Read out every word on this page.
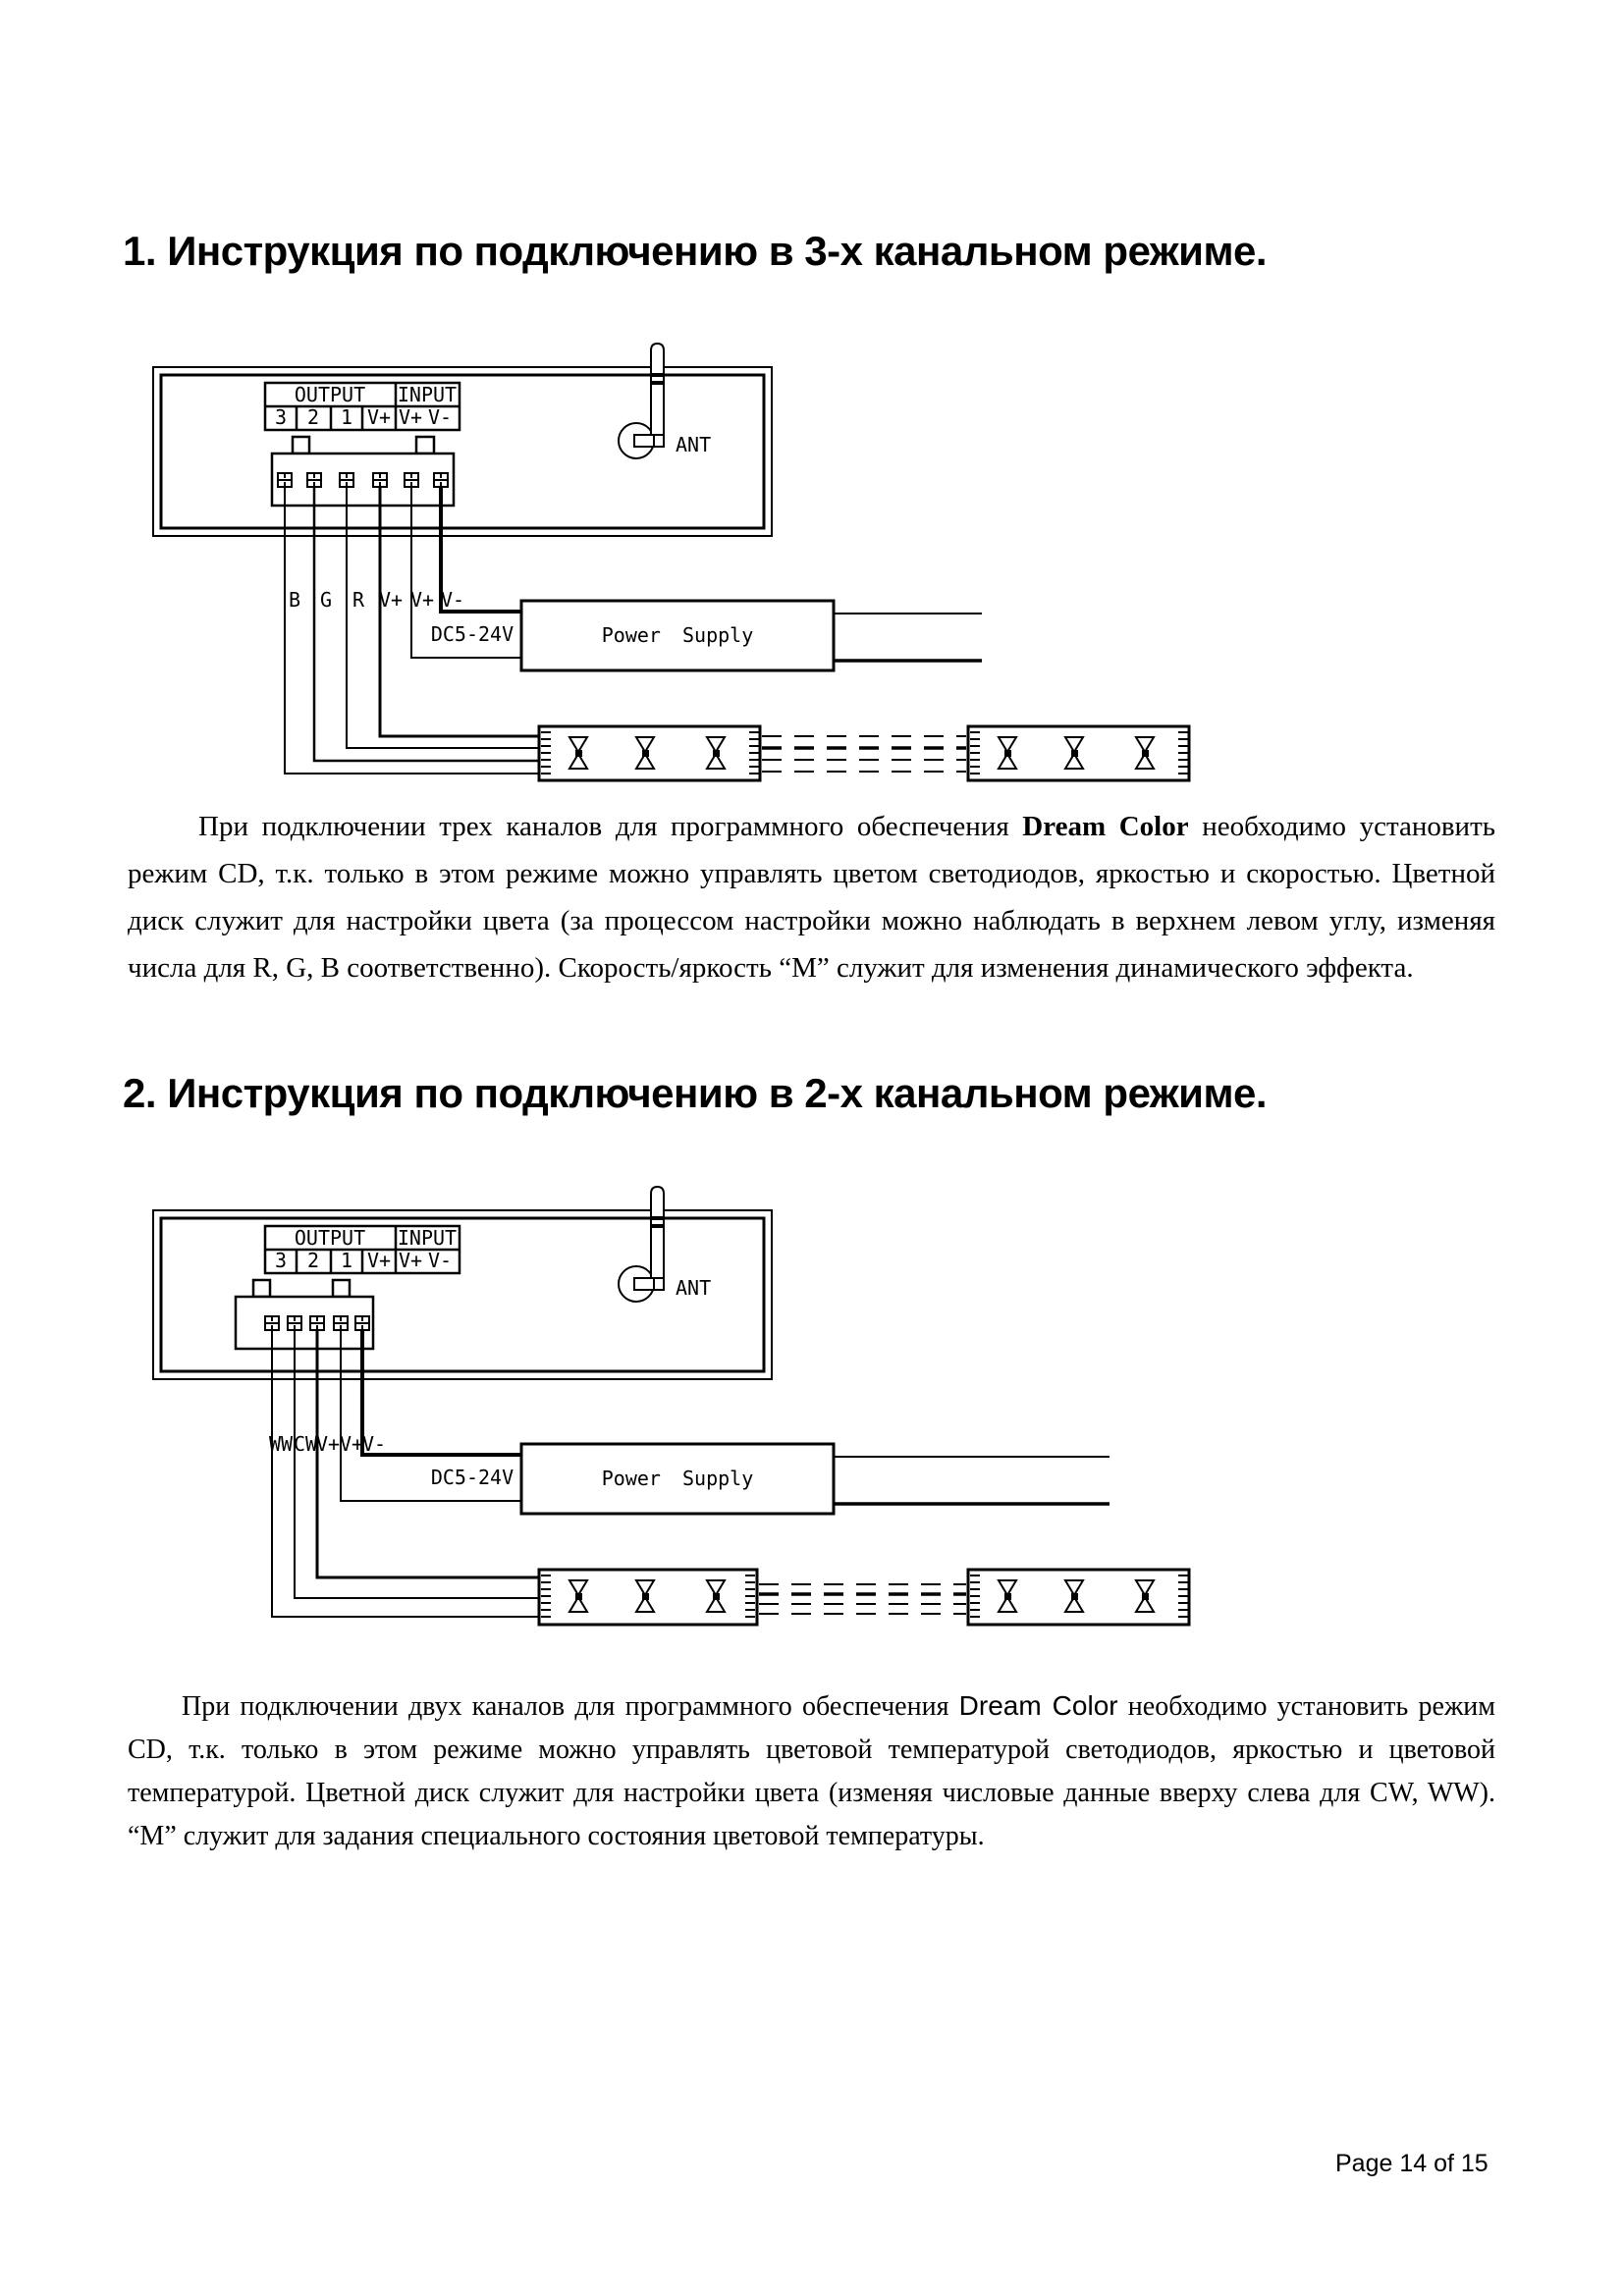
1. Инструкция по подключению в 3-х канальном режиме.
OUTPUT INPUT
3 2 1 V+ V+ V-
ANT
B G R V+ V+ V-
DC5-24V	Power Supply

При подключении трех каналов для программного обеспечения Dream Color необходимо установить режим CD, т.к. только в этом режиме можно управлять цветом светодиодов, яркостью и скоростью. Цветной диск служит для настройки цвета (за процессом настройки можно наблюдать в верхнем левом углу, изменяя числа для R, G, B соответственно). Скорость/яркость “М” служит для изменения динамического эффекта.

2. Инструкция по подключению в 2-х канальном режиме.
OUTPUT INPUT
3 2 1 V+ V+ V-
ANT
WW CW
V+ V+
V-
DC5-24V	Power Supply

При подключении двух каналов для программного обеспечения Dream Color необходимо установить режим CD, т.к. только в этом режиме можно управлять цветовой температурой светодиодов, яркостью и цветовой температурой. Цветной диск служит для настройки цвета (изменяя числовые данные вверху слева для CW, WW). “М” служит для задания специального состояния цветовой температуры.

Page 14 of 15
